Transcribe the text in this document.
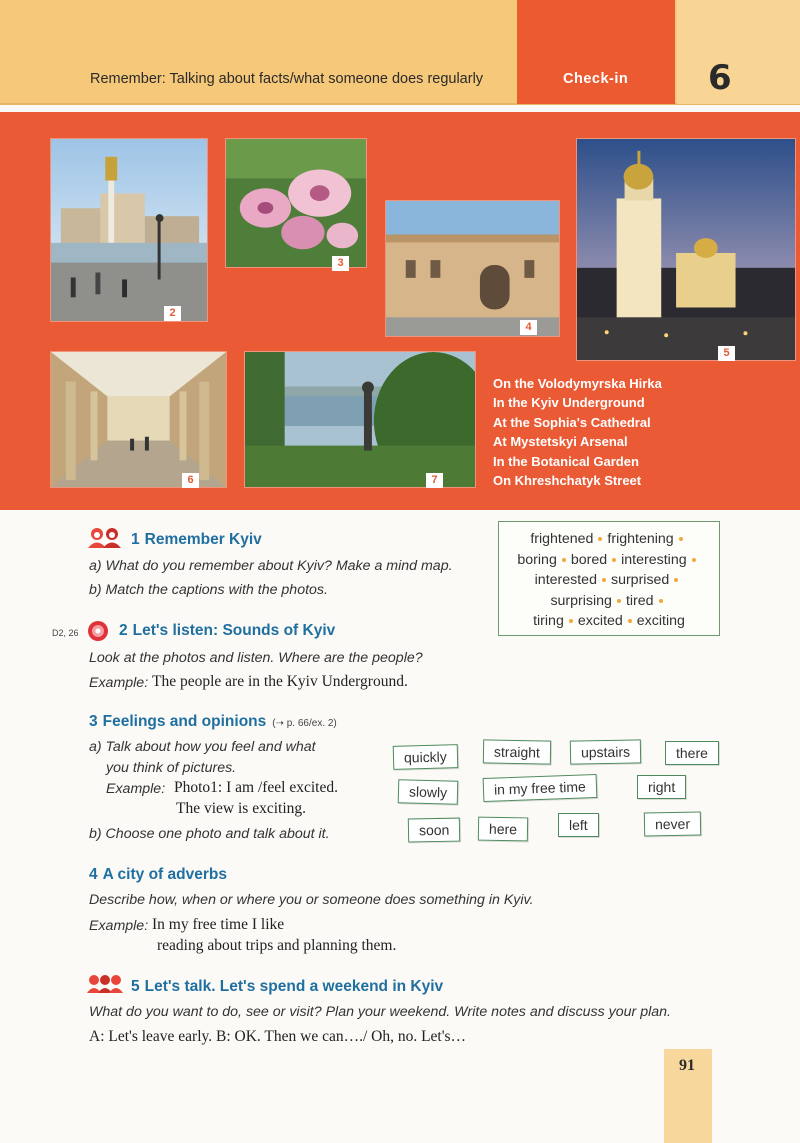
Remember: Talking about facts/what someone does regularly	Check-in 6
2
3
4
5
6	7
On the Volodymyrska Hirka
In the Kyiv Underground
At the Sophia's Cathedral
At Mystetskyi Arsenal
In the Botanical Garden
On Khreshchatyk Street
1 Remember Kyiv
a) What do you remember about Kyiv? Make a mind map.
b) Match the captions with the photos.
frightened frightening
boring bored interesting
interested surprised
surprising tired
tiring excited exciting
D2, 26	2 Let's listen: Sounds of Kyiv
Look at the photos and listen. Where are the people?
Example: The people are in the Kyiv Underground.
3 Feelings and opinions (➝ p. 66/ex. 2)
a) Talk about how you feel and what
you think of pictures.
Example: Photo1: I am /feel excited.
The view is exciting.
b) Choose one photo and talk about it.
quickly	straight	upstairs	there
slowly	in my free time	right
soon	here	left	never
4 A city of adverbs
Describe how, when or where you or someone does something in Kyiv.
Example: In my free time I like
reading about trips and planning them.
5 Let's talk. Let's spend a weekend in Kyiv
What do you want to do, see or visit? Plan your weekend. Write notes and discuss your plan.
A: Let's leave early. B: OK. Then we can…./ Oh, no. Let's…
91
